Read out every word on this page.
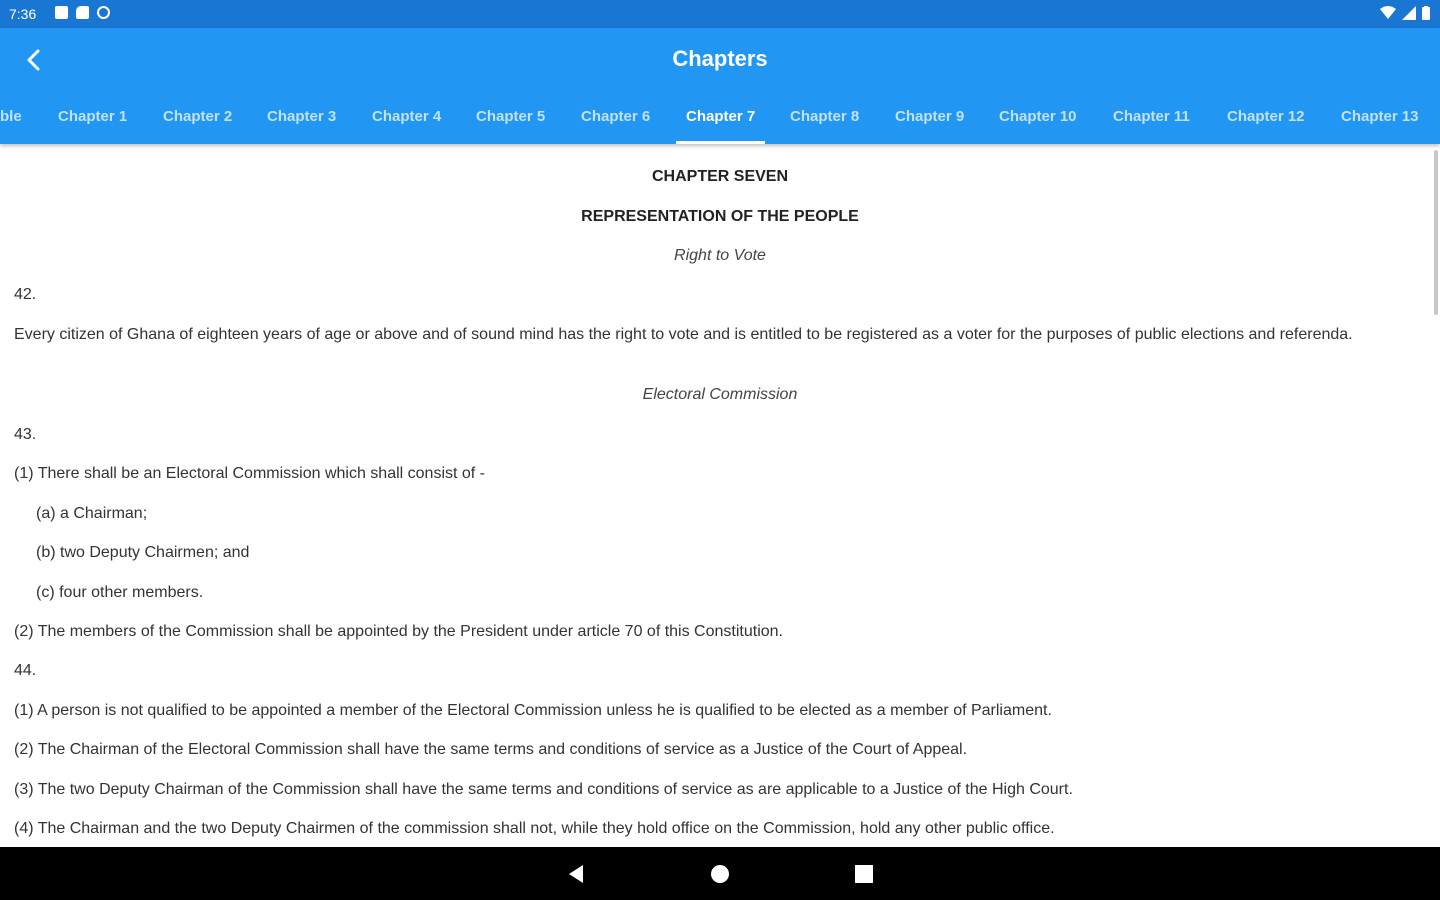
7:36
Chapters
ble Chapter 1 Chapter 2 Chapter 3 Chapter 4 Chapter 5 Chapter 6 Chapter 7 Chapter 8 Chapter 9 Chapter 10 Chapter 11 Chapter 12 Chapter 13
CHAPTER SEVEN
REPRESENTATION OF THE PEOPLE
Right to Vote
42.
Every citizen of Ghana of eighteen years of age or above and of sound mind has the right to vote and is entitled to be registered as a voter for the purposes of public elections and referenda.
Electoral Commission
43.
(1) There shall be an Electoral Commission which shall consist of -
(a) a Chairman;
(b) two Deputy Chairmen; and
(c) four other members.
(2) The members of the Commission shall be appointed by the President under article 70 of this Constitution.
44.
(1) A person is not qualified to be appointed a member of the Electoral Commission unless he is qualified to be elected as a member of Parliament.
(2) The Chairman of the Electoral Commission shall have the same terms and conditions of service as a Justice of the Court of Appeal.
(3) The two Deputy Chairman of the Commission shall have the same terms and conditions of service as are applicable to a Justice of the High Court.
(4) The Chairman and the two Deputy Chairmen of the commission shall not, while they hold office on the Commission, hold any other public office.
